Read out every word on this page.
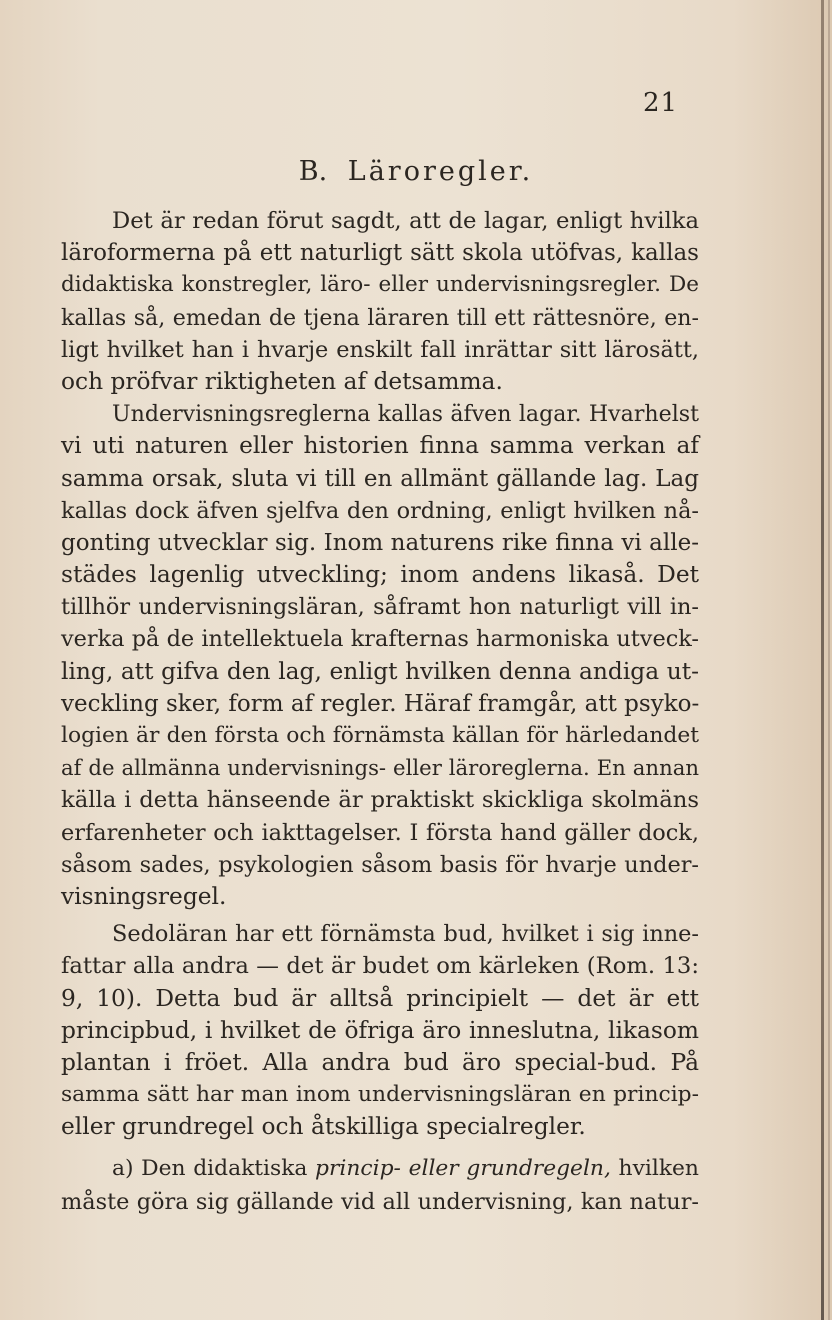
21
B. Läroregler.
Det är redan förut sagdt, att de lagar, enligt hvilka
läroformerna på ett naturligt sätt skola utöfvas, kallas
didaktiska konstregler, läro- eller undervisningsregler. De
kallas så, emedan de tjena läraren till ett rättesnöre, en-
ligt hvilket han i hvarje enskilt fall inrättar sitt lärosätt,
och pröfvar riktigheten af detsamma.
Undervisningsreglerna kallas äfven lagar. Hvarhelst
vi uti naturen eller historien finna samma verkan af
samma orsak, sluta vi till en allmänt gällande lag. Lag
kallas dock äfven sjelfva den ordning, enligt hvilken nå-
gonting utvecklar sig. Inom naturens rike finna vi alle-
städes lagenlig utveckling; inom andens likaså. Det
tillhör undervisningsläran, såframt hon naturligt vill in-
verka på de intellektuela krafternas harmoniska utveck-
ling, att gifva den lag, enligt hvilken denna andiga ut-
veckling sker, form af regler. Häraf framgår, att psyko-
logien är den första och förnämsta källan för härledandet
af de allmänna undervisnings- eller läroreglerna. En annan
källa i detta hänseende är praktiskt skickliga skolmäns
erfarenheter och iakttagelser. I första hand gäller dock,
såsom sades, psykologien såsom basis för hvarje under-
visningsregel.
Sedoläran har ett förnämsta bud, hvilket i sig inne-
fattar alla andra — det är budet om kärleken (Rom. 13:
9, 10). Detta bud är alltså principielt — det är ett
principbud, i hvilket de öfriga äro inneslutna, likasom
plantan i fröet. Alla andra bud äro special-bud. På
samma sätt har man inom undervisningsläran en princip-
eller grundregel och åtskilliga specialregler.
a) Den didaktiska princip- eller grundregeln, hvilken
måste göra sig gällande vid all undervisning, kan natur-
